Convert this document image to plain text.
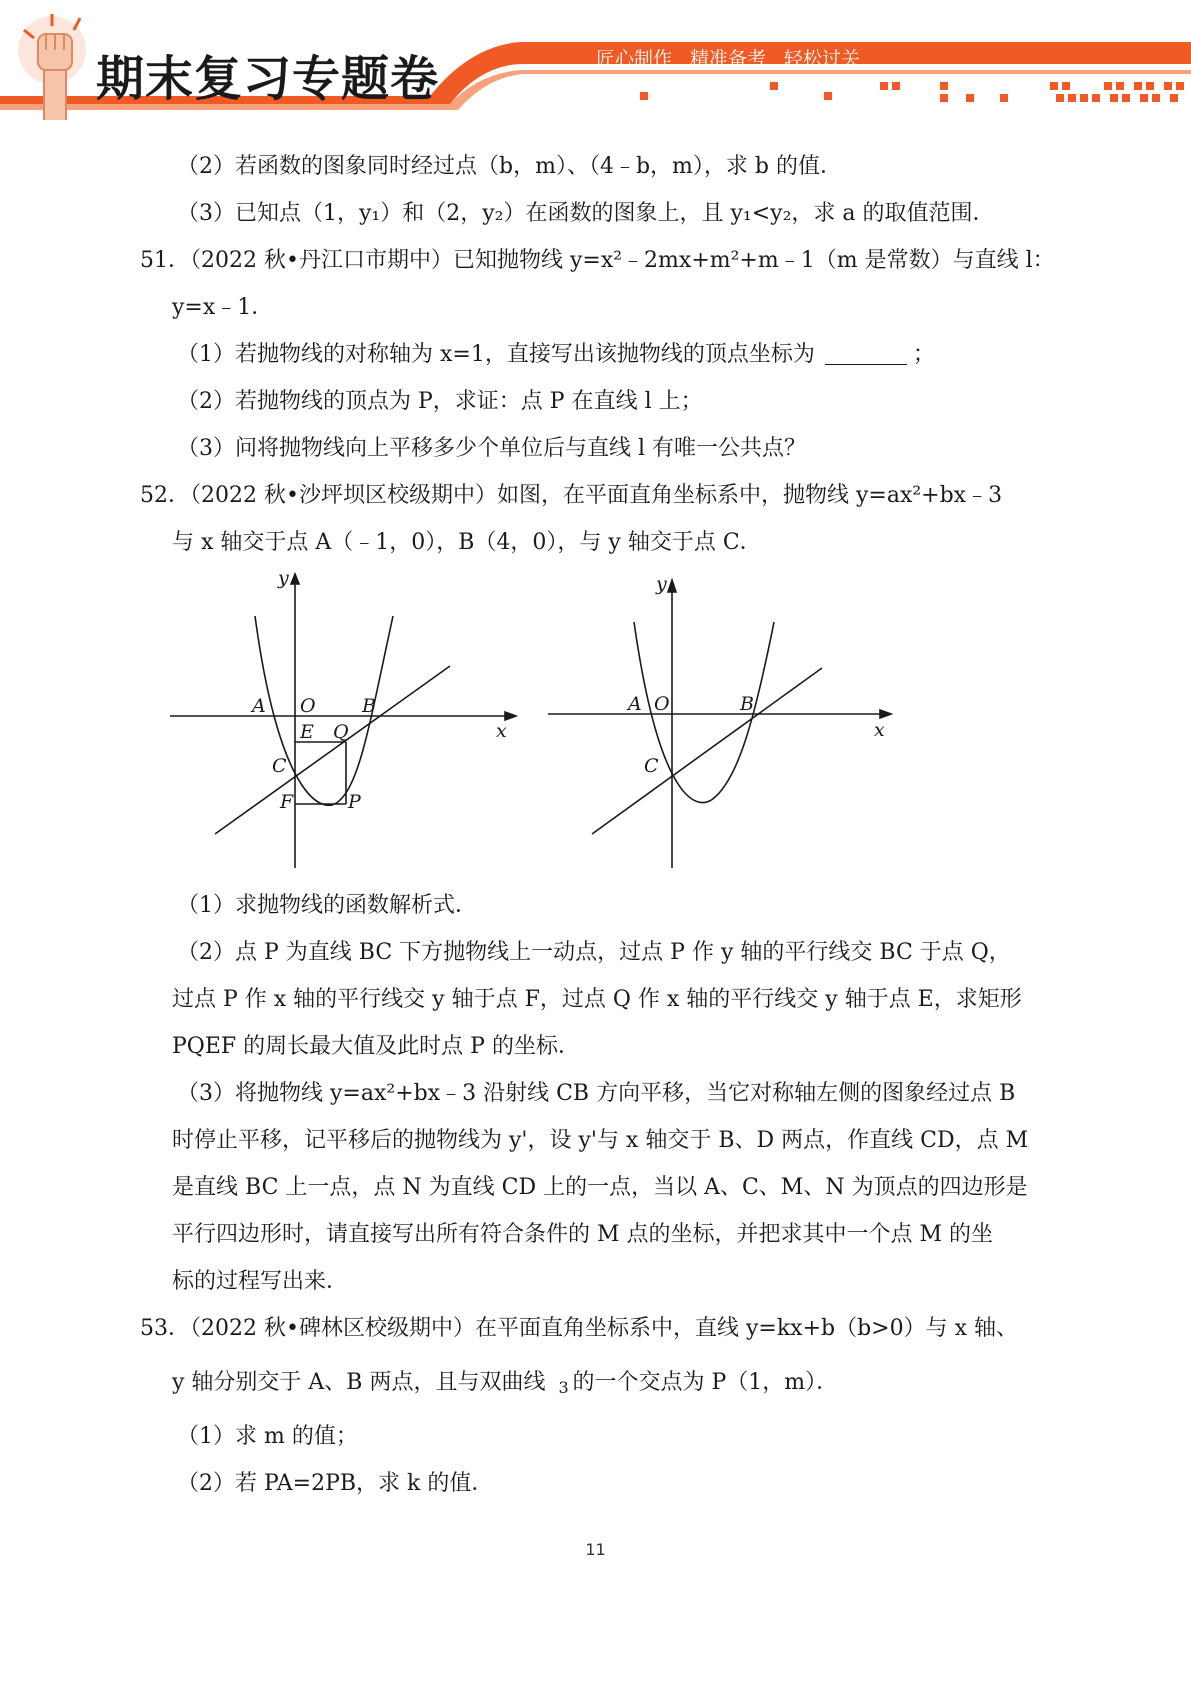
期末复习专题卷	匠心制作 精准备考 轻松过关
（2）若函数的图象同时经过点（b，m）、（4﹣b，m），求 b 的值．
（3）已知点（1，y₁）和（2，y₂）在函数的图象上，且 y₁<y₂，求 a 的取值范围．
51．（2022 秋•丹江口市期中）已知抛物线 y=x²﹣2mx+m²+m﹣1（m 是常数）与直线 l：
y=x﹣1．
（1）若抛物线的对称轴为 x=1，直接写出该抛物线的顶点坐标为	；
（2）若抛物线的顶点为 P，求证：点 P 在直线 l 上；
（3）问将抛物线向上平移多少个单位后与直线 l 有唯一公共点？
52．（2022 秋•沙坪坝区校级期中）如图，在平面直角坐标系中，抛物线 y=ax²+bx﹣3
与 x 轴交于点 A（﹣1，0），B（4，0），与 y 轴交于点 C．
y
x
A O B
E Q
C
F	P
y
x
A O	B
C
（1）求抛物线的函数解析式．
（2）点 P 为直线 BC 下方抛物线上一动点，过点 P 作 y 轴的平行线交 BC 于点 Q，
过点 P 作 x 轴的平行线交 y 轴于点 F，过点 Q 作 x 轴的平行线交 y 轴于点 E，求矩形
PQEF 的周长最大值及此时点 P 的坐标．
（3）将抛物线 y=ax²+bx﹣3 沿射线 CB 方向平移，当它对称轴左侧的图象经过点 B
时停止平移，记平移后的抛物线为 y'，设 y'与 x 轴交于 B、D 两点，作直线 CD，点 M
是直线 BC 上一点，点 N 为直线 CD 上的一点，当以 A、C、M、N 为顶点的四边形是
平行四边形时，请直接写出所有符合条件的 M 点的坐标，并把求其中一个点 M 的坐
标的过程写出来．
53．（2022 秋•碑林区校级期中）在平面直角坐标系中，直线 y=kx+b（b>0）与 x 轴、
y 轴分别交于 A、B 两点，且与双曲线 3 的一个交点为 P（1，m）．
（1）求 m 的值；
（2）若 PA=2PB，求 k 的值．
11
